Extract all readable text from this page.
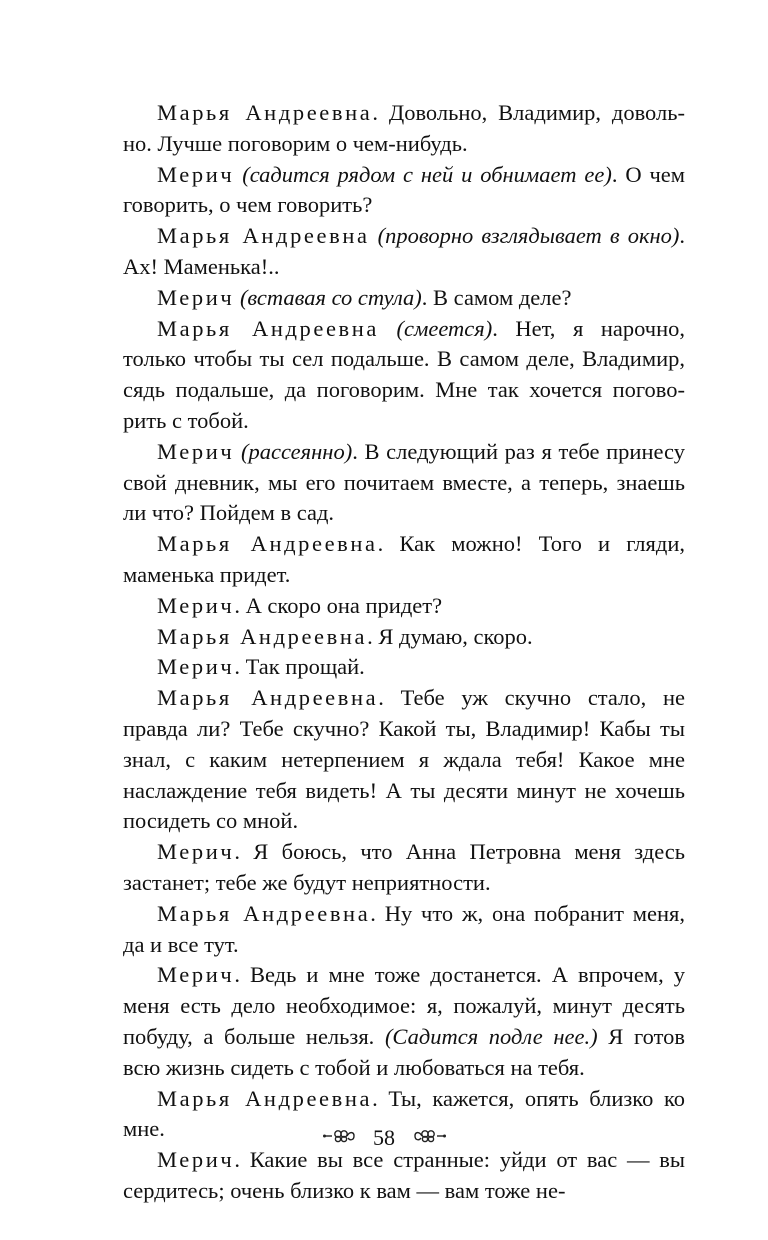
Марья Андреевна. Довольно, Владимир, довольно. Лучше поговорим о чем-нибудь.

Мерич (садится рядом с ней и обнимает ее). О чем говорить, о чем говорить?

Марья Андреевна (проворно взглядывает в окно). Ах! Маменька!..

Мерич (вставая со стула). В самом деле?

Марья Андреевна (смеется). Нет, я нарочно, только чтобы ты сел подальше. В самом деле, Владимир, сядь подальше, да поговорим. Мне так хочется поговорить с тобой.

Мерич (рассеянно). В следующий раз я тебе принесу свой дневник, мы его почитаем вместе, а теперь, знаешь ли что? Пойдем в сад.

Марья Андреевна. Как можно! Того и гляди, маменька придет.

Мерич. А скоро она придет?

Марья Андреевна. Я думаю, скоро.

Мерич. Так прощай.

Марья Андреевна. Тебе уж скучно стало, не правда ли? Тебе скучно? Какой ты, Владимир! Кабы ты знал, с каким нетерпением я ждала тебя! Какое мне наслаждение тебя видеть! А ты десяти минут не хочешь посидеть со мной.

Мерич. Я боюсь, что Анна Петровна меня здесь застанет; тебе же будут неприятности.

Марья Андреевна. Ну что ж, она побранит меня, да и все тут.

Мерич. Ведь и мне тоже достанется. А впрочем, у меня есть дело необходимое: я, пожалуй, минут десять побуду, а больше нельзя. (Садится подле нее.) Я готов всю жизнь сидеть с тобой и любоваться на тебя.

Марья Андреевна. Ты, кажется, опять близко ко мне.

Мерич. Какие вы все странные: уйди от вас — вы сердитесь; очень близко к вам — вам тоже не-

58
